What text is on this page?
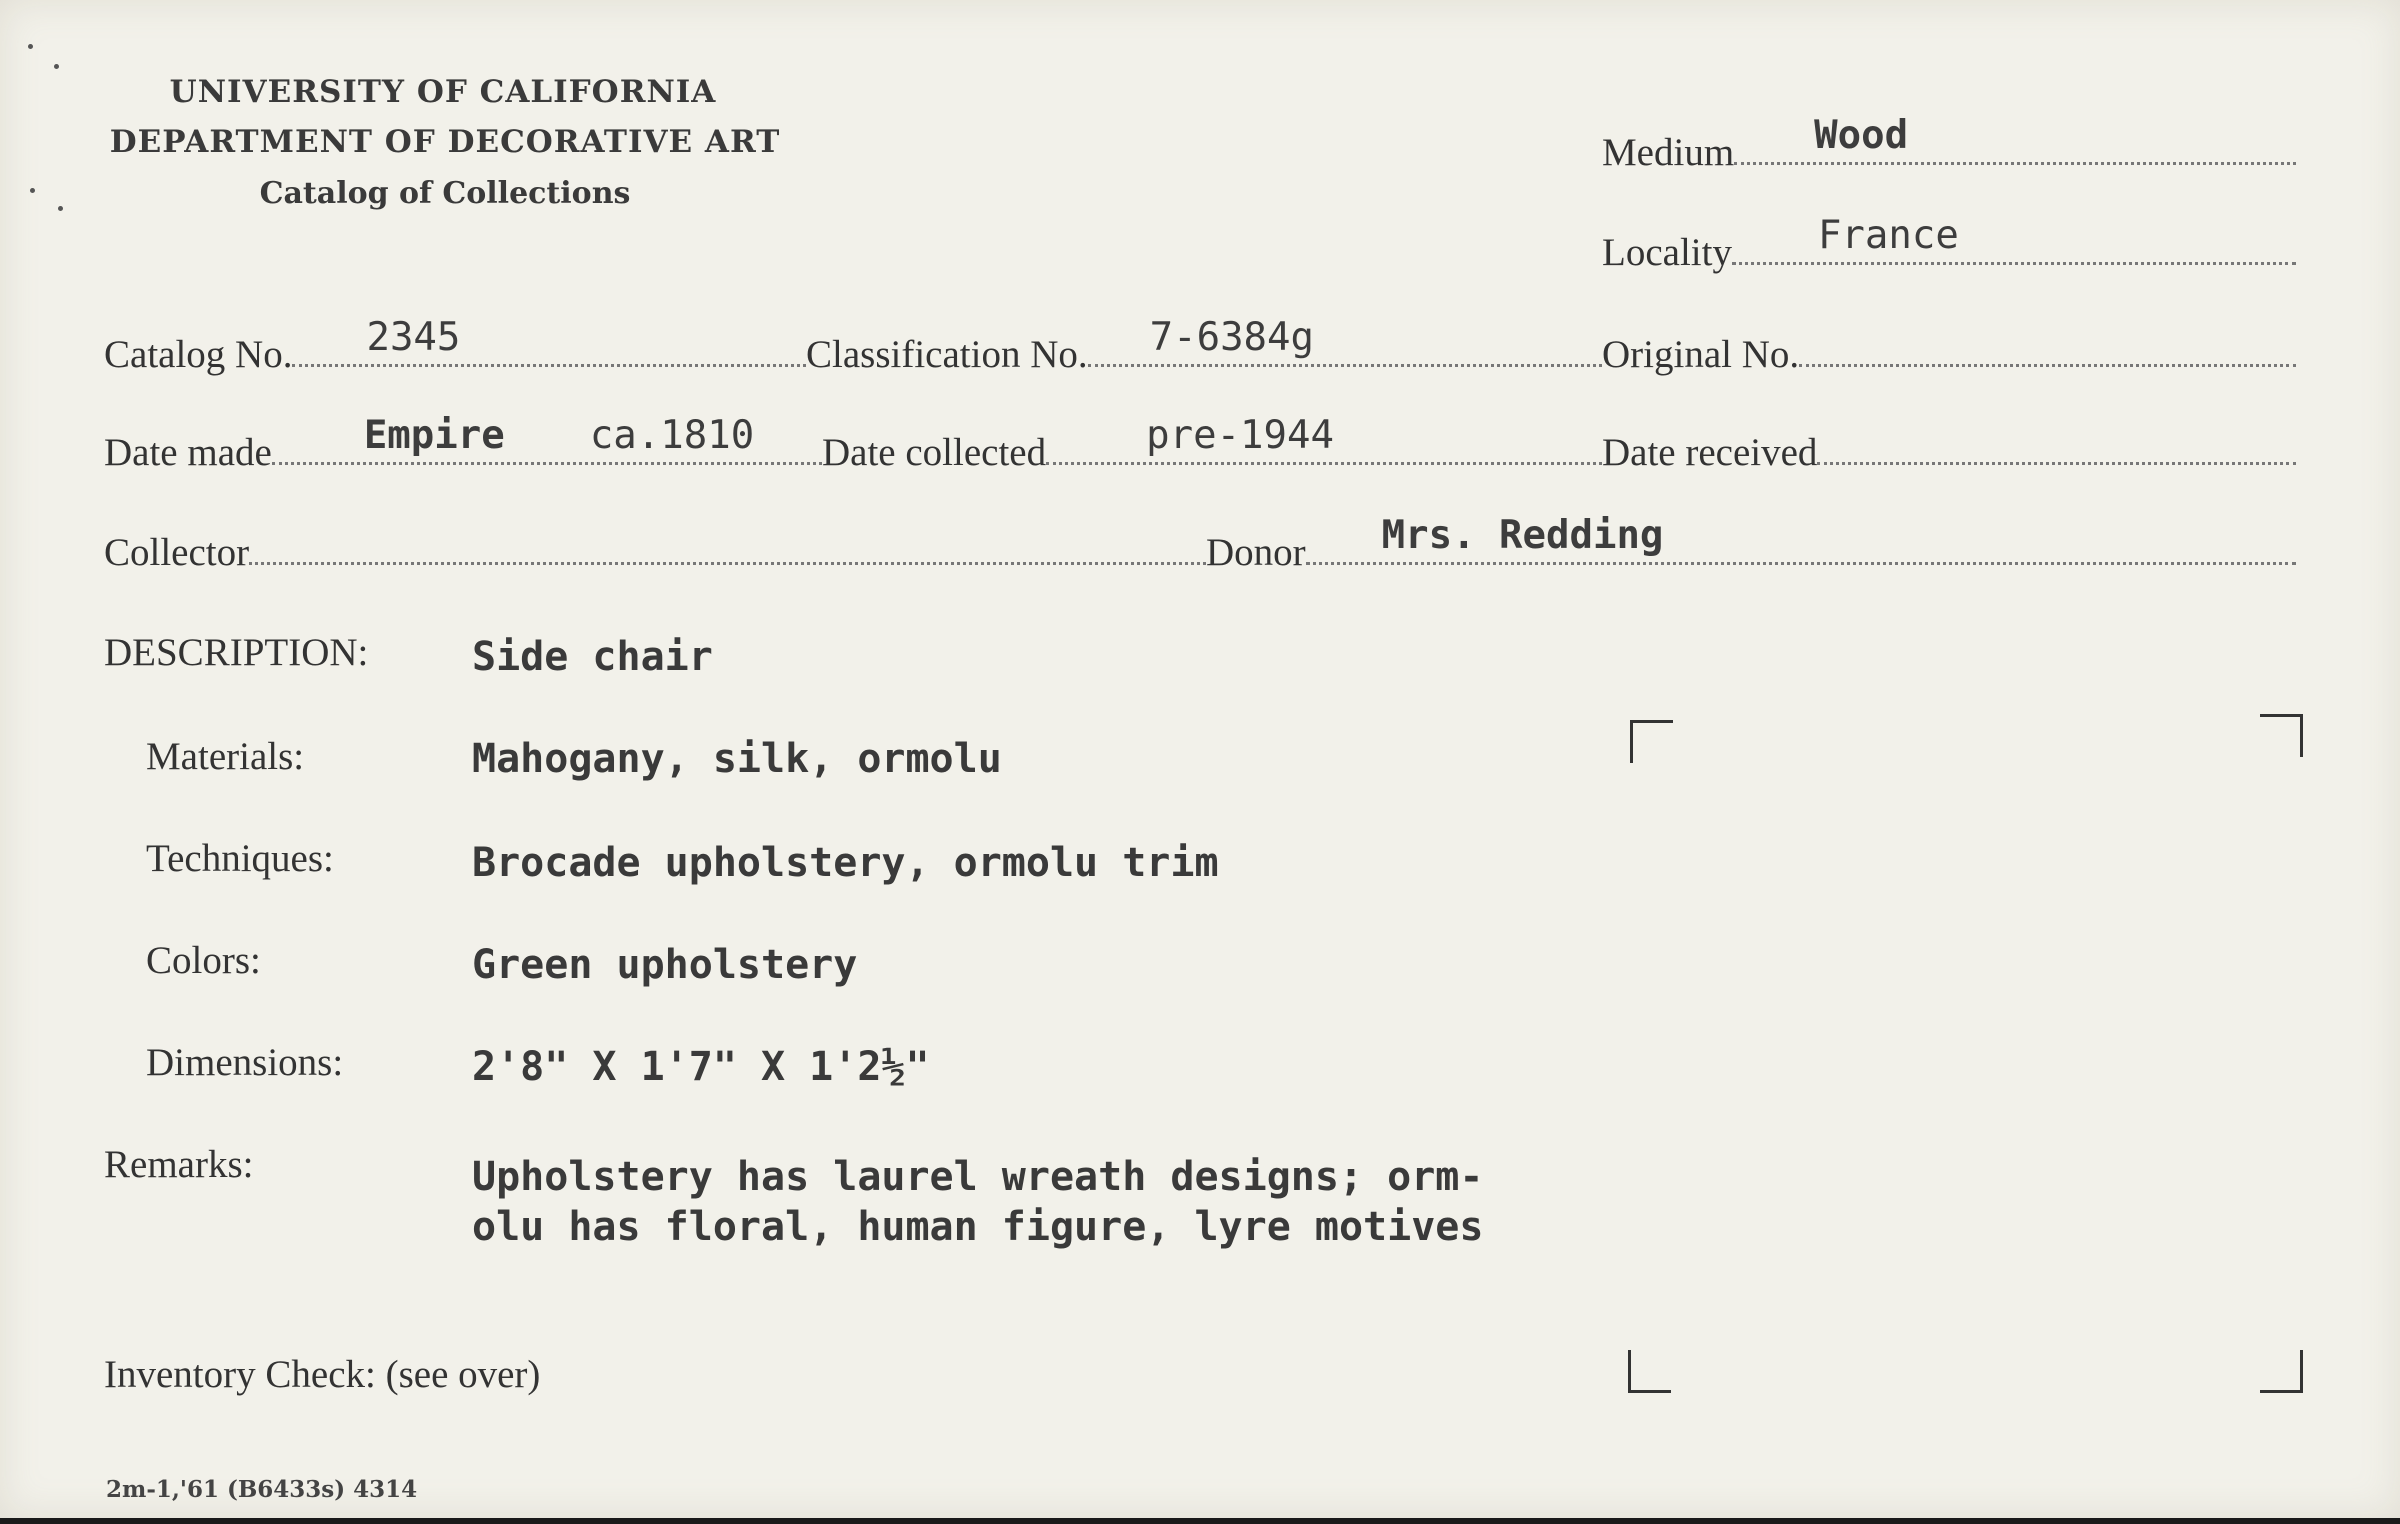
UNIVERSITY OF CALIFORNIA
DEPARTMENT OF DECORATIVE ART
Catalog of Collections
Medium Wood
Locality France
Catalog No. 2345	Classification No. 7-6384g	Original No.
Date made Empire ca.1810 Date collected	pre-1944	Date received
Collector	Donor Mrs. Redding
DESCRIPTION:	Side chair
Materials:	Mahogany, silk, ormolu
Techniques:	Brocade upholstery, ormolu trim
Colors:	Green upholstery
Dimensions:	2'8" X 1'7" X 1'2½"
Remarks:	Upholstery has laurel wreath designs; orm-
olu has floral, human figure, lyre motives
Inventory Check: (see over)
2m-1,'61 (B6433s) 4314
